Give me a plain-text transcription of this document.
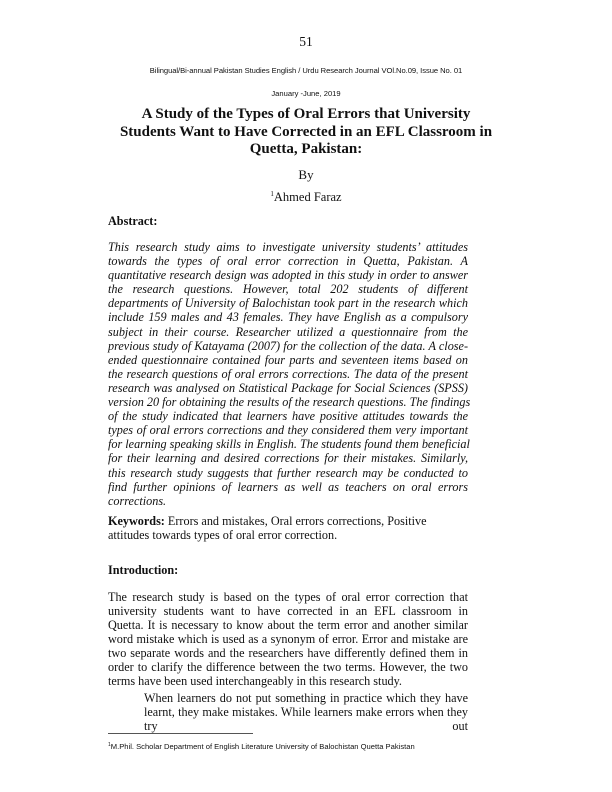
51
Bilingual/Bi-annual Pakistan Studies English / Urdu Research Journal VOl.No.09, Issue No. 01
January -June, 2019
A Study of the Types of Oral Errors that University
Students Want to Have Corrected in an EFL Classroom in
Quetta, Pakistan:
By
$^1$Ahmed Faraz
Abstract:
This research study aims to investigate university students’ attitudes
towards the types of oral error correction in Quetta, Pakistan. A
quantitative research design was adopted in this study in order to answer
the research questions. However, total 202 students of different
departments of University of Balochistan took part in the research which
include 159 males and 43 females. They have English as a compulsory
subject in their course. Researcher utilized a questionnaire from the
previous study of Katayama (2007) for the collection of the data. A close-
ended questionnaire contained four parts and seventeen items based on
the research questions of oral errors corrections. The data of the present
research was analysed on Statistical Package for Social Sciences (SPSS)
version 20 for obtaining the results of the research questions. The findings
of the study indicated that learners have positive attitudes towards the
types of oral errors corrections and they considered them very important
for learning speaking skills in English. The students found them beneficial
for their learning and desired corrections for their mistakes. Similarly,
this research study suggests that further research may be conducted to
find further opinions of learners as well as teachers on oral errors
corrections.
Keywords: Errors and mistakes, Oral errors corrections, Positive attitudes towards types of oral error correction.
Introduction:
The research study is based on the types of oral error correction that university students want to have corrected in an EFL classroom in Quetta. It is necessary to know about the term error and another similar word mistake which is used as a synonym of error. Error and mistake are two separate words and the researchers have differently defined them in order to clarify the difference between the two terms. However, the two terms have been used interchangeably in this research study.
When learners do not put something in practice which they have learnt, they make mistakes. While learners make errors when they try out
$^1$M.Phil. Scholar Department of English Literature University of Balochistan Quetta Pakistan
